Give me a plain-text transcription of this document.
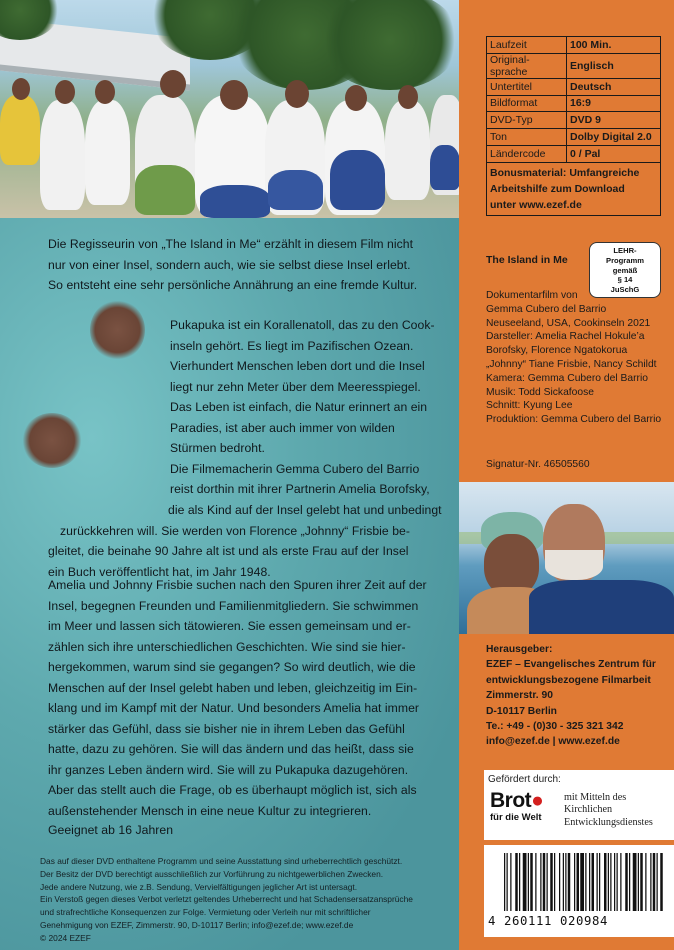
Die Regisseurin von „The Island in Me“ erzählt in diesem Film nicht
nur von einer Insel, sondern auch, wie sie selbst diese Insel erlebt.
So entsteht eine sehr persönliche Annährung an eine fremde Kultur.
Pukapuka ist ein Korallenatoll, das zu den Cook-
inseln gehört. Es liegt im Pazifischen Ozean.
Vierhundert Menschen leben dort und die Insel
liegt nur zehn Meter über dem Meeresspiegel.
Das Leben ist einfach, die Natur erinnert an ein
Paradies, ist aber auch immer von wilden
Stürmen bedroht.
Die Filmemacherin Gemma Cubero del Barrio
reist dorthin mit ihrer Partnerin Amelia Borofsky,
die als Kind auf der Insel gelebt hat und unbedingt
zurückkehren will. Sie werden von Florence „Johnny“ Frisbie be-
gleitet, die beinahe 90 Jahre alt ist und als erste Frau auf der Insel
ein Buch veröffentlicht hat, im Jahr 1948.
Amelia und Johnny Frisbie suchen nach den Spuren ihrer Zeit auf der
Insel, begegnen Freunden und Familienmitgliedern. Sie schwimmen
im Meer und lassen sich tätowieren. Sie essen gemeinsam und er-
zählen sich ihre unterschiedlichen Geschichten. Wie sind sie hier-
hergekommen, warum sind sie gegangen? So wird deutlich, wie die
Menschen auf der Insel gelebt haben und leben, gleichzeitig im Ein-
klang und im Kampf mit der Natur. Und besonders Amelia hat immer
stärker das Gefühl, dass sie bisher nie in ihrem Leben das Gefühl
hatte, dazu zu gehören. Sie will das ändern und das heißt, dass sie
ihr ganzes Leben ändern wird. Sie will zu Pukapuka dazugehören.
Aber das stellt auch die Frage, ob es überhaupt möglich ist, sich als
außenstehender Mensch in eine neue Kultur zu integrieren.
Geeignet ab 16 Jahren
Das auf dieser DVD enthaltene Programm und seine Ausstattung sind urheberrechtlich geschützt.
Der Besitz der DVD berechtigt ausschließlich zur Vorführung zu nichtgewerblichen Zwecken.
Jede andere Nutzung, wie z.B. Sendung, Vervielfältigungen jeglicher Art ist untersagt.
Ein Verstoß gegen dieses Verbot verletzt geltendes Urheberrecht und hat Schadensersatzansprüche
und strafrechtliche Konsequenzen zur Folge. Vermietung oder Verleih nur mit schriftlicher
Genehmigung von EZEF, Zimmerstr. 90, D-10117 Berlin; info@ezef.de; www.ezef.de
© 2024 EZEF
Laufzeit	100 Min.

Original-
sprache	Englisch
Untertitel	Deutsch
Bildformat	16:9
DVD-Typ	DVD 9
Ton	Dolby Digital 2.0
Ländercode	0 / Pal

Bonusmaterial: Umfangreiche
Arbeitshilfe zum Download
unter www.ezef.de	
The Island in Me
LEHR-
Programm
gemäß
§ 14
JuSchG
Dokumentarfilm von
Gemma Cubero del Barrio
Neuseeland, USA, Cookinseln 2021
Darsteller: Amelia Rachel Hokule’a
Borofsky, Florence Ngatokorua
„Johnny“ Tiane Frisbie, Nancy Schildt
Kamera: Gemma Cubero del Barrio
Musik: Todd Sickafoose
Schnitt: Kyung Lee
Produktion: Gemma Cubero del Barrio
Signatur-Nr. 46505560
Herausgeber:
EZEF – Evangelisches Zentrum für
entwicklungsbezogene Filmarbeit
Zimmerstr. 90
D-10117 Berlin
Te.: +49 - (0)30 - 325 321 342
info@ezef.de | www.ezef.de
Gefördert durch:
Brot●
für die Welt
mit Mitteln des
Kirchlichen
Entwicklungsdienstes
4 260111 020984
